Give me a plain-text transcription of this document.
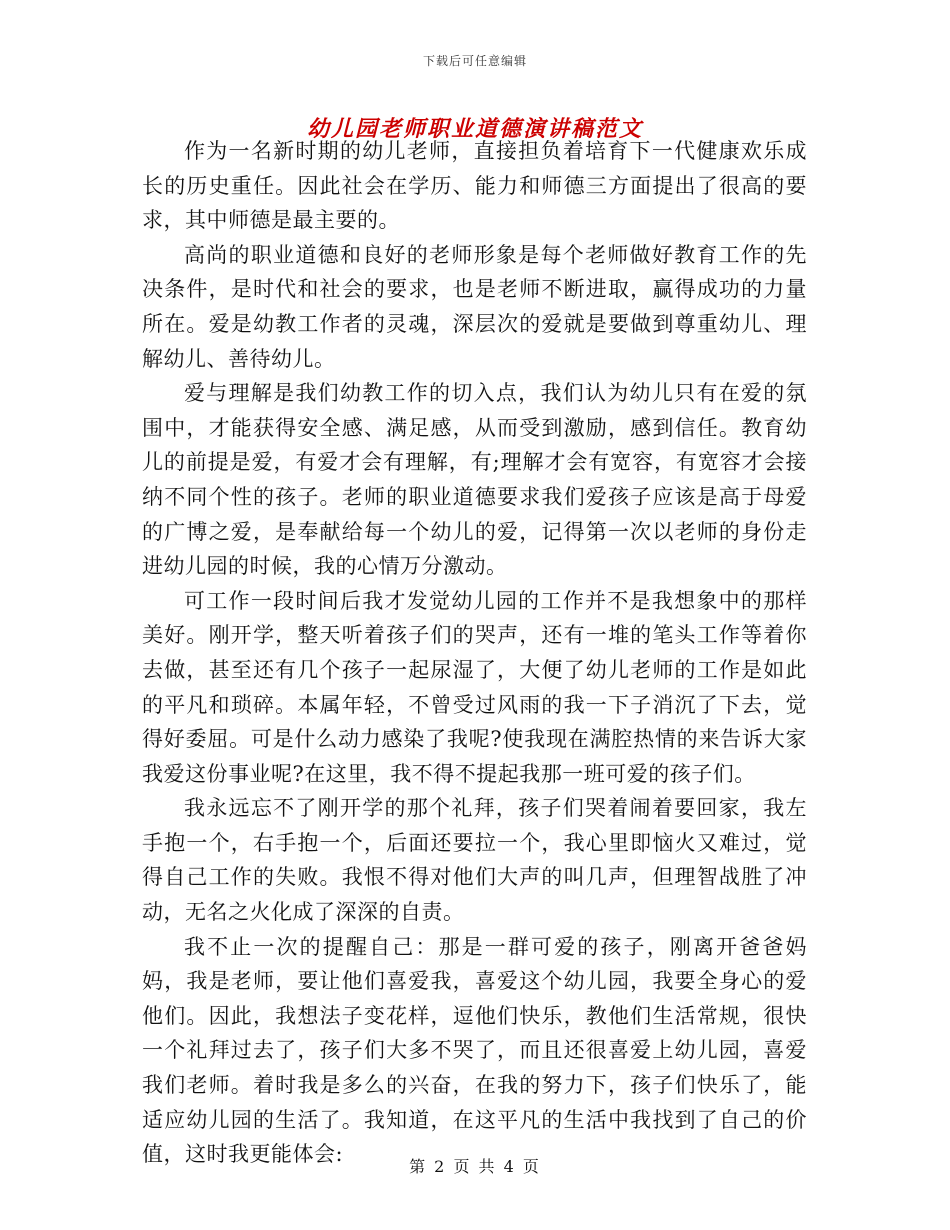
下载后可任意编辑
幼儿园老师职业道德演讲稿范文

作为一名新时期的幼儿老师，直接担负着培育下一代健康欢乐成长的历史重任。因此社会在学历、能力和师德三方面提出了很高的要求，其中师德是最主要的。

高尚的职业道德和良好的老师形象是每个老师做好教育工作的先决条件，是时代和社会的要求，也是老师不断进取，赢得成功的力量所在。爱是幼教工作者的灵魂，深层次的爱就是要做到尊重幼儿、理解幼儿、善待幼儿。

爱与理解是我们幼教工作的切入点，我们认为幼儿只有在爱的氛围中，才能获得安全感、满足感，从而受到激励，感到信任。教育幼儿的前提是爱，有爱才会有理解，有;理解才会有宽容，有宽容才会接纳不同个性的孩子。老师的职业道德要求我们爱孩子应该是高于母爱的广博之爱，是奉献给每一个幼儿的爱，记得第一次以老师的身份走进幼儿园的时候，我的心情万分激动。

可工作一段时间后我才发觉幼儿园的工作并不是我想象中的那样美好。刚开学，整天听着孩子们的哭声，还有一堆的笔头工作等着你去做，甚至还有几个孩子一起尿湿了，大便了幼儿老师的工作是如此的平凡和琐碎。本属年轻，不曾受过风雨的我一下子消沉了下去，觉得好委屈。可是什么动力感染了我呢?使我现在满腔热情的来告诉大家我爱这份事业呢?在这里，我不得不提起我那一班可爱的孩子们。

我永远忘不了刚开学的那个礼拜，孩子们哭着闹着要回家，我左手抱一个，右手抱一个，后面还要拉一个，我心里即恼火又难过，觉得自己工作的失败。我恨不得对他们大声的叫几声，但理智战胜了冲动，无名之火化成了深深的自责。

我不止一次的提醒自己：那是一群可爱的孩子，刚离开爸爸妈妈，我是老师，要让他们喜爱我，喜爱这个幼儿园，我要全身心的爱他们。因此，我想法子变花样，逗他们快乐，教他们生活常规，很快一个礼拜过去了，孩子们大多不哭了，而且还很喜爱上幼儿园，喜爱我们老师。着时我是多么的兴奋，在我的努力下，孩子们快乐了，能适应幼儿园的生活了。我知道，在这平凡的生活中我找到了自己的价值，这时我更能体会:

第 2 页 共 4 页
